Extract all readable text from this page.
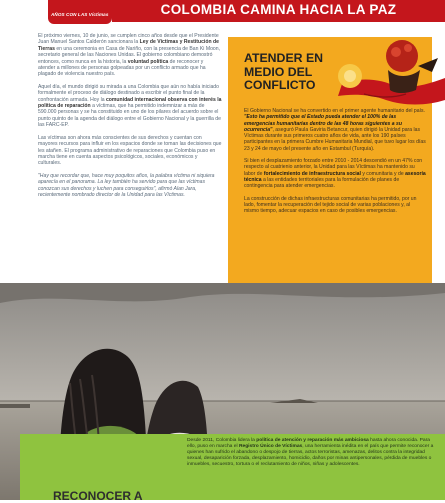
AÑOS CON LAS Víctimas	COLOMBIA CAMINA HACIA LA PAZ

El próximo viernes, 10 de junio, se cumplen cinco años desde que el Presidente Juan Manuel Santos Calderón sancionara la Ley de Víctimas y Restitución de Tierras en una ceremonia en Casa de Nariño, con la presencia de Ban Ki Moon, secretario general de las Naciones Unidas. El gobierno colombiano demostró entonces, como nunca en la historia, la voluntad política de reconocer y atender a millones de personas golpeadas por un conflicto armado que ha plagado de violencia nuestro país.

Aquel día, el mundo dirigió su mirada a una Colombia que aún no había iniciado formalmente el proceso de diálogo destinado a escribir el punto final de la confrontación armada. Hoy la comunidad internacional observa con interés la política de reparación a víctimas, que ha permitido indemnizar a más de 590.000 personas y se ha constituido en uno de los pilares del acuerdo sobre el punto quinto de la agenda del diálogo entre el Gobierno Nacional y la guerrilla de las FARC-EP.

Las víctimas son ahora más conscientes de sus derechos y cuentan con mayores recursos para influir en los espacios donde se toman las decisiones que les atañen. El programa administrativo de reparaciones que Colombia puso en marcha tiene en cuenta aspectos psicológicos, sociales, económicos y culturales.

"Hay que recordar que, hace muy poquitos años, la palabra víctima ni siquiera aparecía en el panorama. La ley también ha servido para que las víctimas conozcan sus derechos y luchen para conseguirlos", afirmó Alan Jara, recientemente nombrado director de la Unidad para las Víctimas.

ATENDER EN MEDIO DEL CONFLICTO

El Gobierno Nacional se ha convertido en el primer agente humanitario del país. "Esto ha permitido que el Estado pueda atender el 100% de las emergencias humanitarias dentro de las 48 horas siguientes a su ocurrencia", aseguró Paula Gaviria Betancur, quien dirigió la Unidad para las Víctimas durante sus primeros cuatro años de vida, ante los 190 países participantes en la primera Cumbre Humanitaria Mundial, que tuvo lugar los días 23 y 24 de mayo del presente año en Estambul (Turquía).

Si bien el desplazamiento forzado entre 2010 - 2014 descendió en un 47% con respecto al cuatrienio anterior, la Unidad para las Víctimas ha mantenido su labor de fortalecimiento de infraestructura social y comunitaria y de asesoría técnica a las entidades territoriales para la formulación de planes de contingencia para atender emergencias.

La construcción de dichas infraestructuras comunitarias ha permitido, por un lado, fomentar la recuperación del tejido social de varias poblaciones y, al mismo tiempo, adecuar espacios en caso de posibles emergencias.

Desde 2011, Colombia lidera la política de atención y reparación más ambiciosa hasta ahora conocida. Para ello, puso en marcha el Registro Único de Víctimas, una herramienta inédita en el país que permite reconocer a quienes han sufrido el abandono o despojo de tierras, actos terroristas, amenazas, delitos contra la integridad sexual, desaparición forzada, desplazamiento, homicidio, daños por minas antipersonales, pérdida de muebles o inmuebles, secuestro, tortura o el reclutamiento de niños, niñas y adolescentes.
RECONOCER A
